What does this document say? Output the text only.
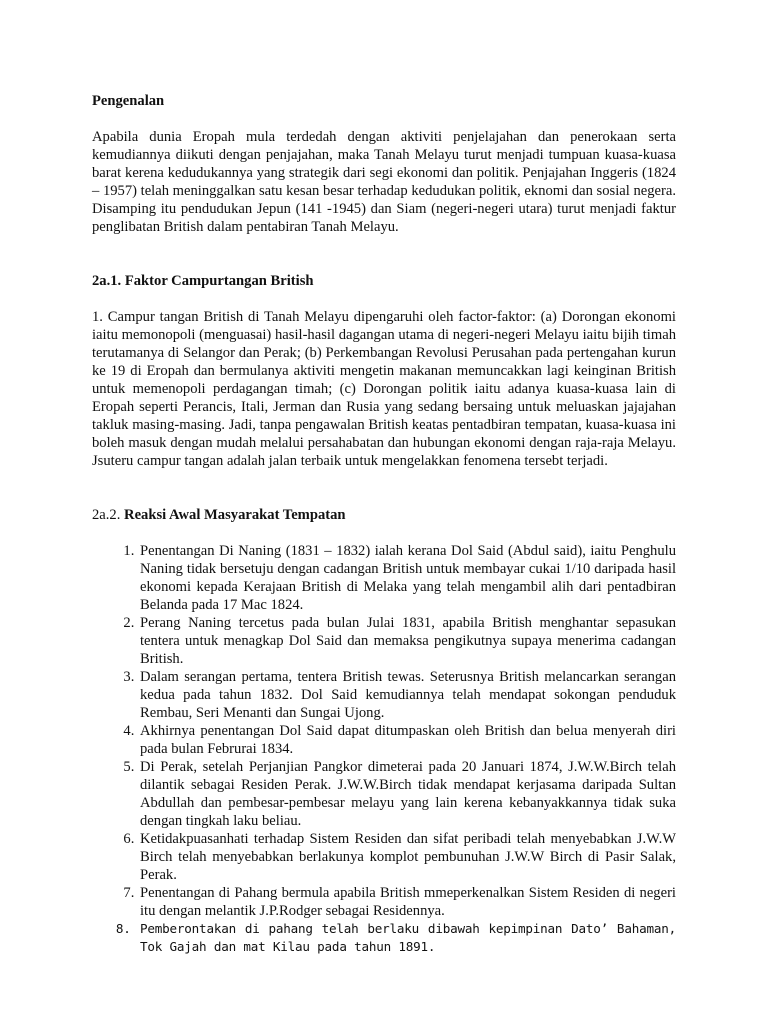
Pengenalan

Apabila dunia Eropah mula terdedah dengan aktiviti penjelajahan dan penerokaan serta kemudiannya diikuti dengan penjajahan, maka Tanah Melayu turut menjadi tumpuan kuasa-kuasa barat kerena kedudukannya yang strategik dari segi ekonomi dan politik. Penjajahan Inggeris (1824 – 1957) telah meninggalkan satu kesan besar terhadap kedudukan politik, eknomi dan sosial negera. Disamping itu pendudukan Jepun (141 -1945) dan Siam (negeri-negeri utara) turut menjadi faktur penglibatan British dalam pentabiran Tanah Melayu.

2a.1. Faktor Campurtangan British

1. Campur tangan British di Tanah Melayu dipengaruhi oleh factor-faktor: (a) Dorongan ekonomi iaitu memonopoli (menguasai) hasil-hasil dagangan utama di negeri-negeri Melayu iaitu bijih timah terutamanya di Selangor dan Perak; (b) Perkembangan Revolusi Perusahan pada pertengahan kurun ke 19 di Eropah dan bermulanya aktiviti mengetin makanan memuncakkan lagi keinginan British untuk memenopoli perdagangan timah; (c) Dorongan politik iaitu adanya kuasa-kuasa lain di Eropah seperti Perancis, Itali, Jerman dan Rusia yang sedang bersaing untuk meluaskan jajajahan takluk masing-masing. Jadi, tanpa pengawalan British keatas pentadbiran tempatan, kuasa-kuasa ini boleh masuk dengan mudah melalui persahabatan dan hubungan ekonomi dengan raja-raja Melayu. Jsuteru campur tangan adalah jalan terbaik untuk mengelakkan fenomena tersebt terjadi.

2a.2. Reaksi Awal Masyarakat Tempatan

1. Penentangan Di Naning (1831 – 1832) ialah kerana Dol Said (Abdul said), iaitu Penghulu Naning tidak bersetuju dengan cadangan British untuk membayar cukai 1/10 daripada hasil ekonomi kepada Kerajaan British di Melaka yang telah mengambil alih dari pentadbiran Belanda pada 17 Mac 1824.
2. Perang Naning tercetus pada bulan Julai 1831, apabila British menghantar sepasukan tentera untuk menagkap Dol Said dan memaksa pengikutnya supaya menerima cadangan British.
3. Dalam serangan pertama, tentera British tewas. Seterusnya British melancarkan serangan kedua pada tahun 1832. Dol Said kemudiannya telah mendapat sokongan penduduk Rembau, Seri Menanti dan Sungai Ujong.
4. Akhirnya penentangan Dol Said dapat ditumpaskan oleh British dan belua menyerah diri pada bulan Februrai 1834.
5. Di Perak, setelah Perjanjian Pangkor dimeterai pada 20 Januari 1874, J.W.W.Birch telah dilantik sebagai Residen Perak. J.W.W.Birch tidak mendapat kerjasama daripada Sultan Abdullah dan pembesar-pembesar melayu yang lain kerena kebanyakkannya tidak suka dengan tingkah laku beliau.
6. Ketidakpuasanhati terhadap Sistem Residen dan sifat peribadi telah menyebabkan J.W.W Birch telah menyebabkan berlakunya komplot pembunuhan J.W.W Birch di Pasir Salak, Perak.
7. Penentangan di Pahang bermula apabila British mmeperkenalkan Sistem Residen di negeri itu dengan melantik J.P.Rodger sebagai Residennya.
8. Pemberontakan di pahang telah berlaku dibawah kepimpinan Dato’ Bahaman, Tok Gajah dan mat Kilau pada tahun 1891.
